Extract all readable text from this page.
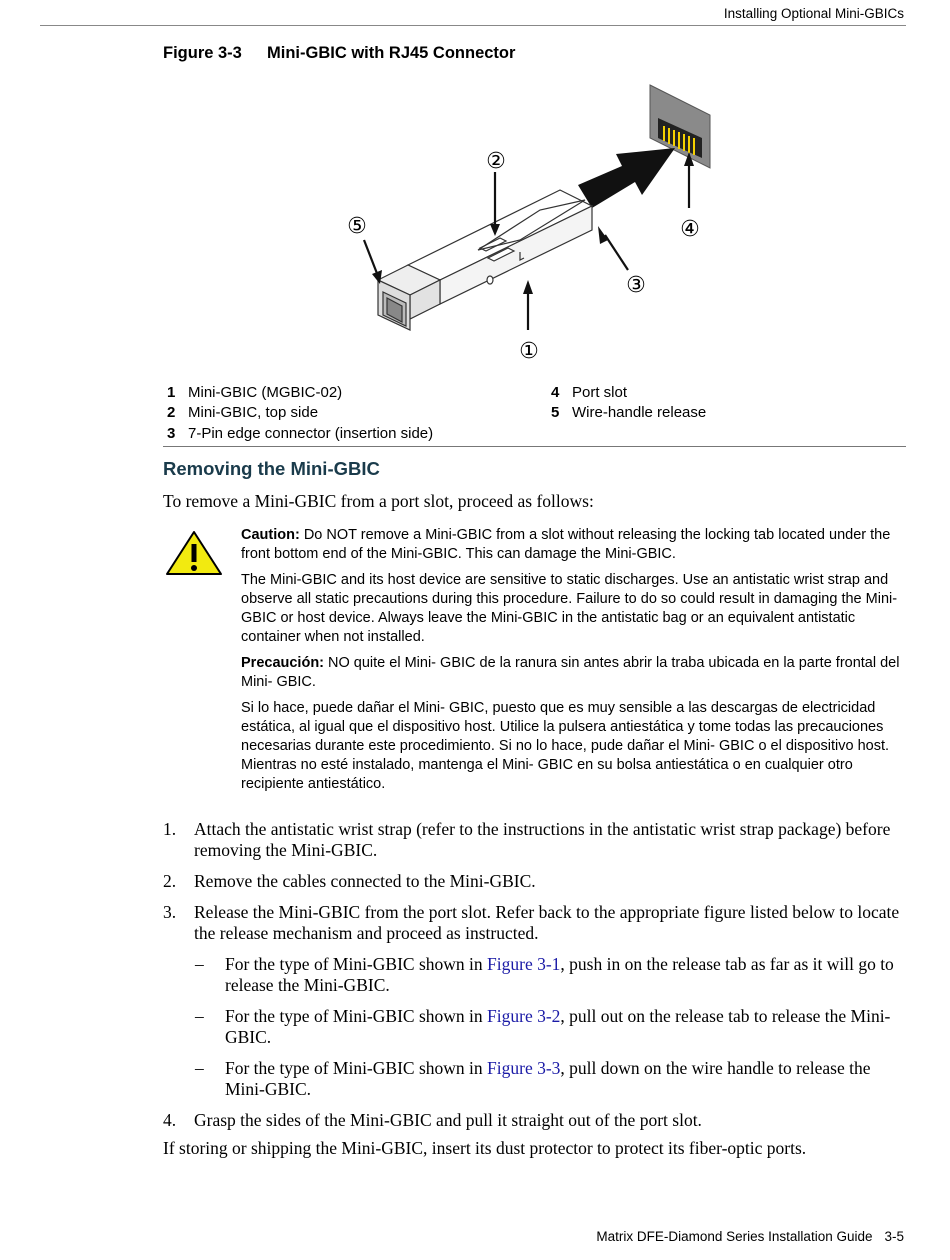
Installing Optional Mini-GBICs
Figure 3-3 Mini-GBIC with RJ45 Connector
①
②
③
④
⑤
1 Mini-GBIC (MGBIC-02)
2 Mini-GBIC, top side
3 7-Pin edge connector (insertion side)
4 Port slot
5 Wire-handle release
Removing the Mini-GBIC
To remove a Mini-GBIC from a port slot, proceed as follows:

Caution: Do NOT remove a Mini-GBIC from a slot without releasing the locking tab located under the front bottom end of the Mini-GBIC. This can damage the Mini-GBIC.

The Mini-GBIC and its host device are sensitive to static discharges. Use an antistatic wrist strap and observe all static precautions during this procedure. Failure to do so could result in damaging the Mini-GBIC or host device. Always leave the Mini-GBIC in the antistatic bag or an equivalent antistatic container when not installed.

Precaución: NO quite el Mini- GBIC de la ranura sin antes abrir la traba ubicada en la parte frontal del Mini- GBIC.

Si lo hace, puede dañar el Mini- GBIC, puesto que es muy sensible a las descargas de electricidad estática, al igual que el dispositivo host. Utilice la pulsera antiestática y tome todas las precauciones necesarias durante este procedimiento. Si no lo hace, pude dañar el Mini- GBIC o el dispositivo host. Mientras no esté instalado, mantenga el Mini- GBIC en su bolsa antiestática o en cualquier otro recipiente antiestático.

1. Attach the antistatic wrist strap (refer to the instructions in the antistatic wrist strap package) before removing the Mini-GBIC.
2. Remove the cables connected to the Mini-GBIC.
3. Release the Mini-GBIC from the port slot. Refer back to the appropriate figure listed below to locate the release mechanism and proceed as instructed.
– For the type of Mini-GBIC shown in Figure 3-1, push in on the release tab as far as it will go to release the Mini-GBIC.
– For the type of Mini-GBIC shown in Figure 3-2, pull out on the release tab to release the Mini-GBIC.
– For the type of Mini-GBIC shown in Figure 3-3, pull down on the wire handle to release the Mini-GBIC.
4. Grasp the sides of the Mini-GBIC and pull it straight out of the port slot.
If storing or shipping the Mini-GBIC, insert its dust protector to protect its fiber-optic ports.
Matrix DFE-Diamond Series Installation Guide 3-5
